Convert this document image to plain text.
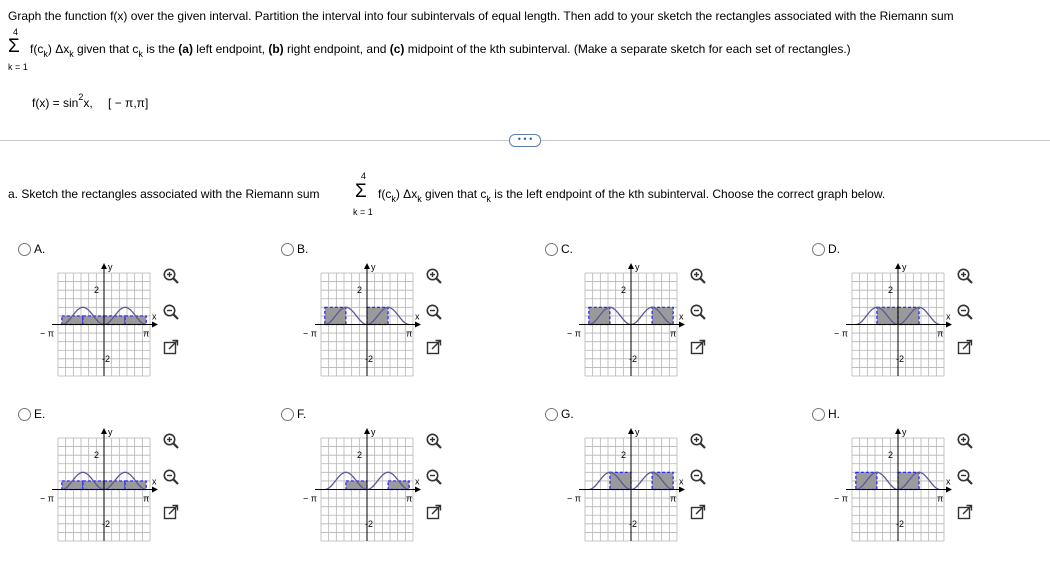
Graph the function f(x) over the given interval. Partition the interval into four subintervals of equal length. Then add to your sketch the rectangles associated with the Riemann sum
4
Σ
k = 1
$f(c_k)$ $\Delta x_k$ given that $c_k$ is the (a) left endpoint, (b) right endpoint, and (c) midpoint of the kth subinterval. (Make a separate sketch for each set of rectangles.)
$f(x) = \sin^2x$, [ − π,π]
• • •
4
Σ
k = 1
a. Sketch the rectangles associated with the Riemann sum	$f(c_k)$ $\Delta x_k$ given that $c_k$ is the left endpoint of the kth subinterval. Choose the correct graph below.
A.
y
x
2
-2
− π	π
B.
y
x
2
-2
− π	π
C.
y
x
2
-2
− π	π
D.
y
x
2
-2
− π	π
E.
y
x
2
-2
− π	π
F.
y
x
2
-2
− π	π
G.
y
x
2
-2
− π	π
H.
y
x
2
-2
− π	π
